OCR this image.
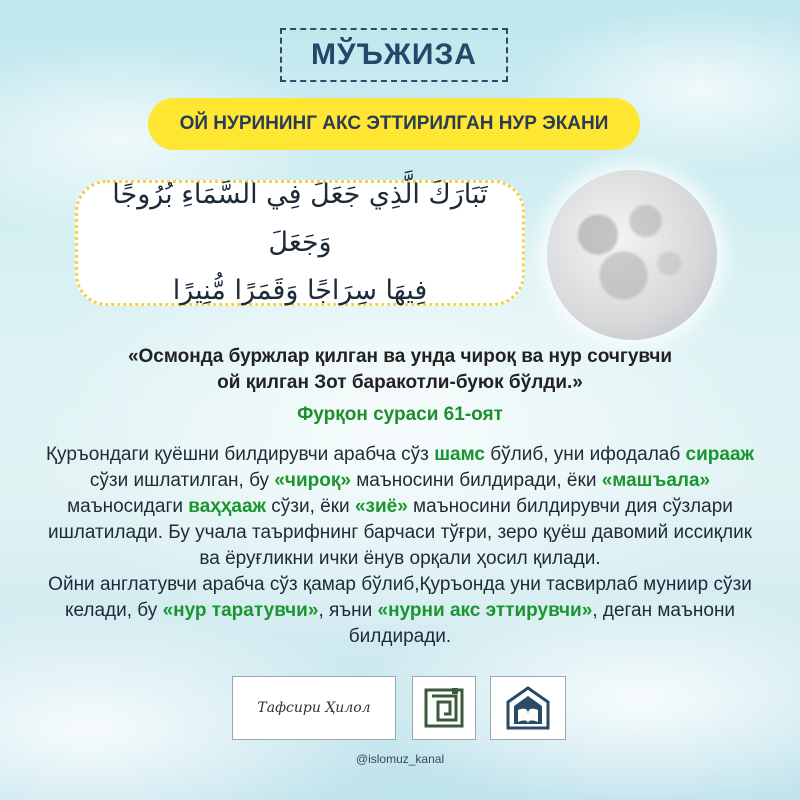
МЎЪЖИЗА
ОЙ НУРИНИНГ АКС ЭТТИРИЛГАН НУР ЭКАНИ
تَبَارَكَ الَّذِي جَعَلَ فِي السَّمَاءِ بُرُوجًا وَجَعَلَ
فِيهَا سِرَاجًا وَقَمَرًا مُّنِيرًا
«Осмонда буржлар қилган ва унда чироқ ва нур сочгувчи
ой қилган Зот баракотли-буюк бўлди.»
Фурқон сураси 61-оят
Қуръондаги қуёшни билдирувчи арабча сўз шамс бўлиб, уни ифодалаб сирааж сўзи ишлатилган, бу «чироқ» маъносини билдиради, ёки «машъала» маъносидаги ваҳҳааж сўзи, ёки «зиё» маъносини билдирувчи дия сўзлари ишлатилади. Бу учала таърифнинг барчаси тўғри, зеро қуёш давомий иссиқлик ва ёруғликни ички ёнув орқали ҳосил қилади.
Ойни англатувчи арабча сўз қамар бўлиб,Қуръонда уни тасвирлаб муниир сўзи келади, бу «нур таратувчи», яъни «нурни акс эттирувчи», деган маънони билдиради.
Тафсири Ҳилол
@islomuz_kanal
